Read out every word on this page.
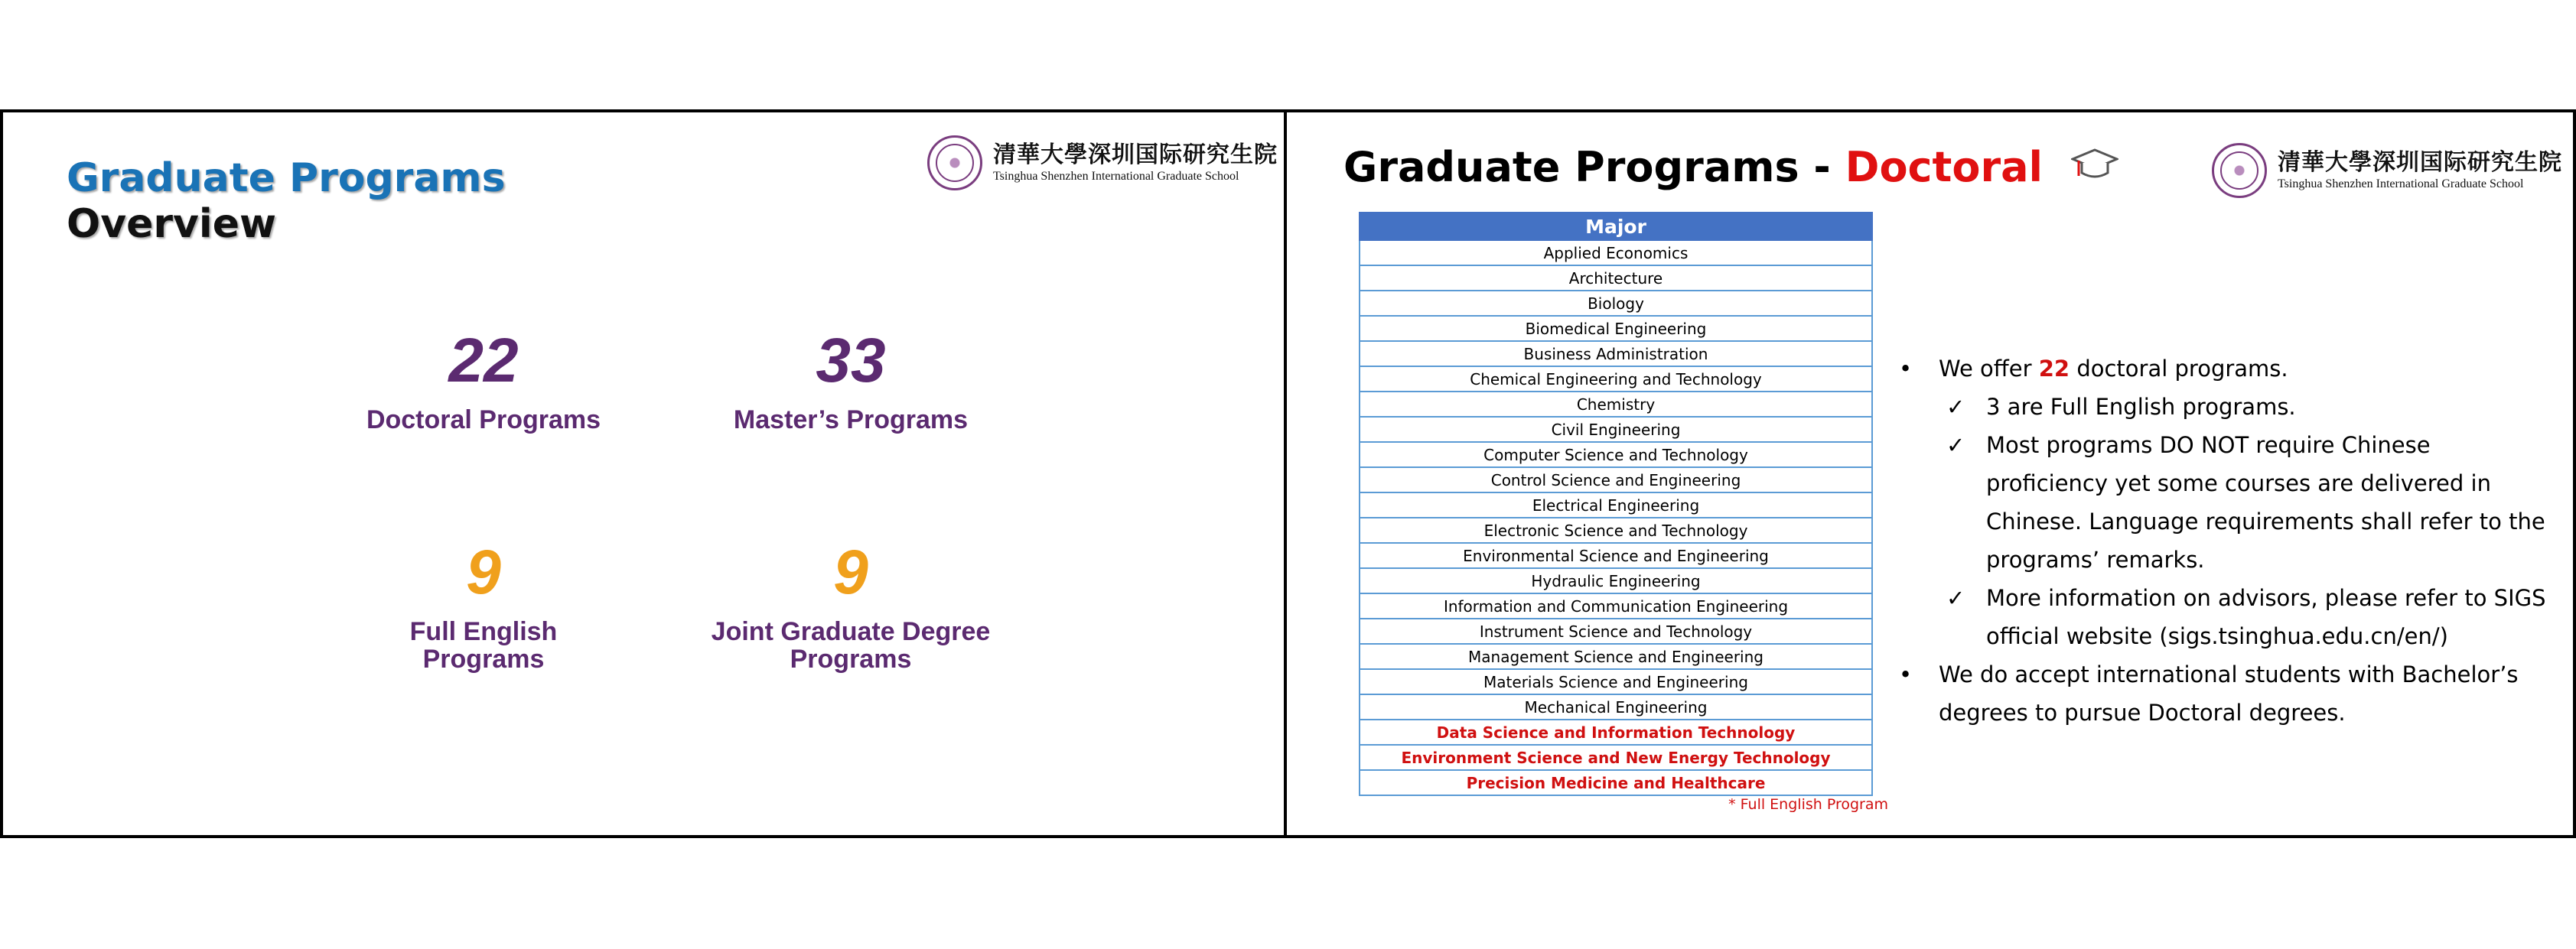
Graduate Programs
Overview
清華大學深圳国际研究生院
Tsinghua Shenzhen International Graduate School
22
Doctoral Programs
33
Master’s Programs
9
Full English Programs
9
Joint Graduate Degree Programs
Graduate Programs - Doctoral	清華大學深圳国际研究生院
Tsinghua Shenzhen International Graduate School
Major
Applied Economics
Architecture
Biology
Biomedical Engineering
Business Administration
Chemical Engineering and Technology
Chemistry
Civil Engineering
Computer Science and Technology
Control Science and Engineering
Electrical Engineering
Electronic Science and Technology
Environmental Science and Engineering
Hydraulic Engineering
Information and Communication Engineering
Instrument Science and Technology
Management Science and Engineering
Materials Science and Engineering
Mechanical Engineering
Data Science and Information Technology
Environment Science and New Energy Technology
Precision Medicine and Healthcare
* Full English Program
• We offer 22 doctoral programs.
✓ 3 are Full English programs.
✓ Most programs DO NOT require Chinese proficiency yet some courses are delivered in Chinese. Language requirements shall refer to the programs’ remarks.
✓ More information on advisors, please refer to SIGS official website (sigs.tsinghua.edu.cn/en/)
• We do accept international students with Bachelor’s degrees to pursue Doctoral degrees.
